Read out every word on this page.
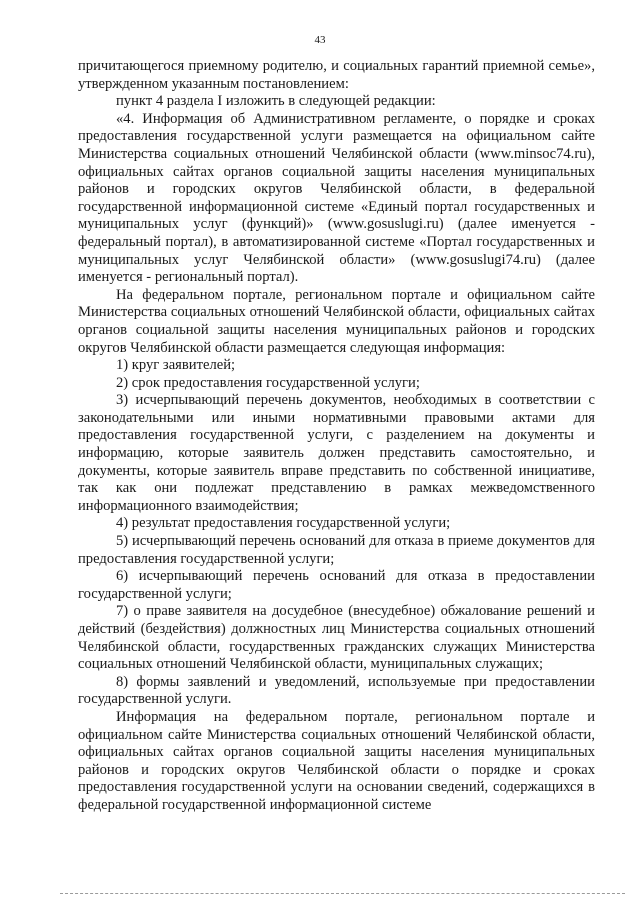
43

причитающегося приемному родителю, и социальных гарантий приемной семье», утвержденном указанным постановлением:

пункт 4 раздела I изложить в следующей редакции:

«4. Информация об Административном регламенте, о порядке и сроках предоставления государственной услуги размещается на официальном сайте Министерства социальных отношений Челябинской области (www.minsoc74.ru), официальных сайтах органов социальной защиты населения муниципальных районов и городских округов Челябинской области, в федеральной государственной информационной системе «Единый портал государственных и муниципальных услуг (функций)» (www.gosuslugi.ru) (далее именуется - федеральный портал), в автоматизированной системе «Портал государственных и муниципальных услуг Челябинской области» (www.gosuslugi74.ru) (далее именуется - региональный портал).

На федеральном портале, региональном портале и официальном сайте Министерства социальных отношений Челябинской области, официальных сайтах органов социальной защиты населения муниципальных районов и городских округов Челябинской области размещается следующая информация:

1) круг заявителей;

2) срок предоставления государственной услуги;

3) исчерпывающий перечень документов, необходимых в соответствии с законодательными или иными нормативными правовыми актами для предоставления государственной услуги, с разделением на документы и информацию, которые заявитель должен представить самостоятельно, и документы, которые заявитель вправе представить по собственной инициативе, так как они подлежат представлению в рамках межведомственного информационного взаимодействия;

4) результат предоставления государственной услуги;

5) исчерпывающий перечень оснований для отказа в приеме документов для предоставления государственной услуги;

6) исчерпывающий перечень оснований для отказа в предоставлении государственной услуги;

7) о праве заявителя на досудебное (внесудебное) обжалование решений и действий (бездействия) должностных лиц Министерства социальных отношений Челябинской области, государственных гражданских служащих Министерства социальных отношений Челябинской области, муниципальных служащих;

8) формы заявлений и уведомлений, используемые при предоставлении государственной услуги.

Информация на федеральном портале, региональном портале и официальном сайте Министерства социальных отношений Челябинской области, официальных сайтах органов социальной защиты населения муниципальных районов и городских округов Челябинской области о порядке и сроках предоставления государственной услуги на основании сведений, содержащихся в федеральной государственной информационной системе
